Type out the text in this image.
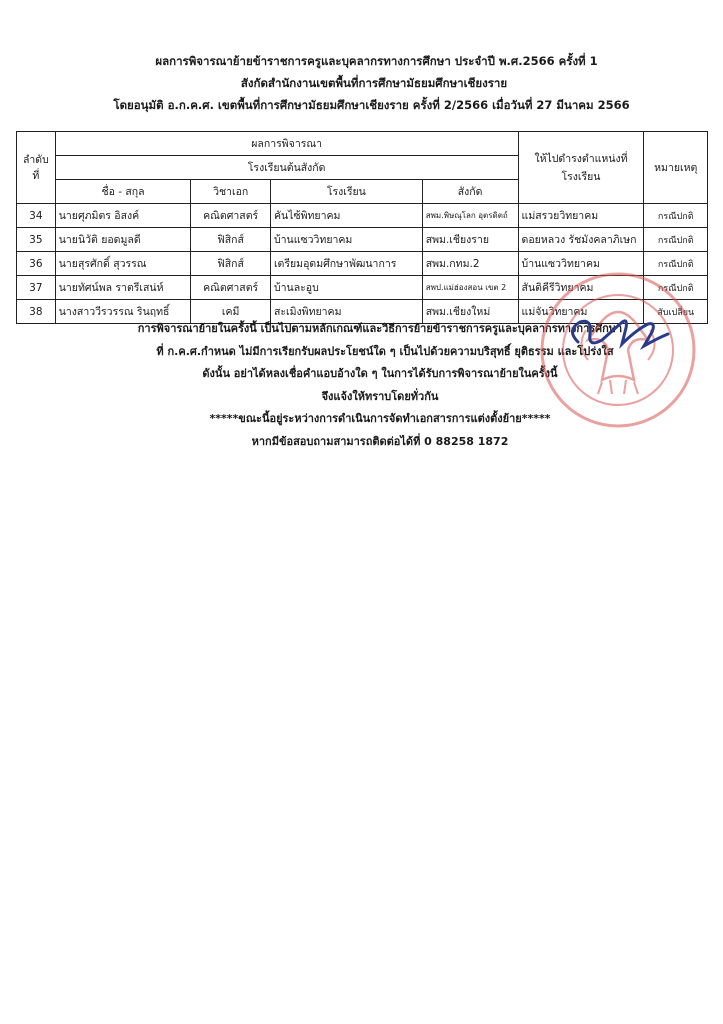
ผลการพิจารณาย้ายข้าราชการครูและบุคลากรทางการศึกษา ประจำปี พ.ศ.2566 ครั้งที่ 1
สังกัดสำนักงานเขตพื้นที่การศึกษามัธยมศึกษาเชียงราย
โดยอนุมัติ อ.ก.ค.ศ. เขตพื้นที่การศึกษามัธยมศึกษาเชียงราย ครั้งที่ 2/2566 เมื่อวันที่ 27 มีนาคม 2566
ลำดับที่	ผลการพิจารณา				ให้ไปดำรงตำแหน่งที่โรงเรียน	หมายเหตุ
	โรงเรียนต้นสังกัด					
	ชื่อ - สกุล	วิชาเอก	โรงเรียน	สังกัด		
34	นายศุภมิตร อิสงค์	คณิตศาสตร์	คันไซ้พิทยาคม	สพม.พิษณุโลก อุตรดิตถ์	แม่สรวยวิทยาคม	กรณีปกติ
35	นายนิวัติ ยอดมูลดี	ฟิสิกส์	บ้านแซววิทยาคม	สพม.เชียงราย	ดอยหลวง รัชมังคลาภิเษก	กรณีปกติ
36	นายสุรศักดิ์ สุวรรณ	ฟิสิกส์	เตรียมอุดมศึกษาพัฒนาการ	สพม.กทม.2	บ้านแซววิทยาคม	กรณีปกติ
37	นายทัศน์พล ราตรีเสน่ห์	คณิตศาสตร์	บ้านละอูบ	สพป.แม่ฮ่องสอน เขต 2	สันติคีรีวิทยาคม	กรณีปกติ
38	นางสาววีรวรรณ รินฤทธิ์	เคมี	สะเมิงพิทยาคม	สพม.เชียงใหม่	แม่จันวิทยาคม	สับเปลี่ยน
การพิจารณาย้ายในครั้งนี้ เป็นไปตามหลักเกณฑ์และวิธีการย้ายข้าราชการครูและบุคลากรทางการศึกษา
ที่ ก.ค.ศ.กำหนด ไม่มีการเรียกรับผลประโยชน์ใด ๆ เป็นไปด้วยความบริสุทธิ์ ยุติธรรม และโปร่งใส
ดังนั้น อย่าได้หลงเชื่อคำแอบอ้างใด ๆ ในการได้รับการพิจารณาย้ายในครั้งนี้
จึงแจ้งให้ทราบโดยทั่วกัน
*****ขณะนี้อยู่ระหว่างการดำเนินการจัดทำเอกสารการแต่งตั้งย้าย*****
หากมีข้อสอบถามสามารถติดต่อได้ที่ 0 88258 1872
